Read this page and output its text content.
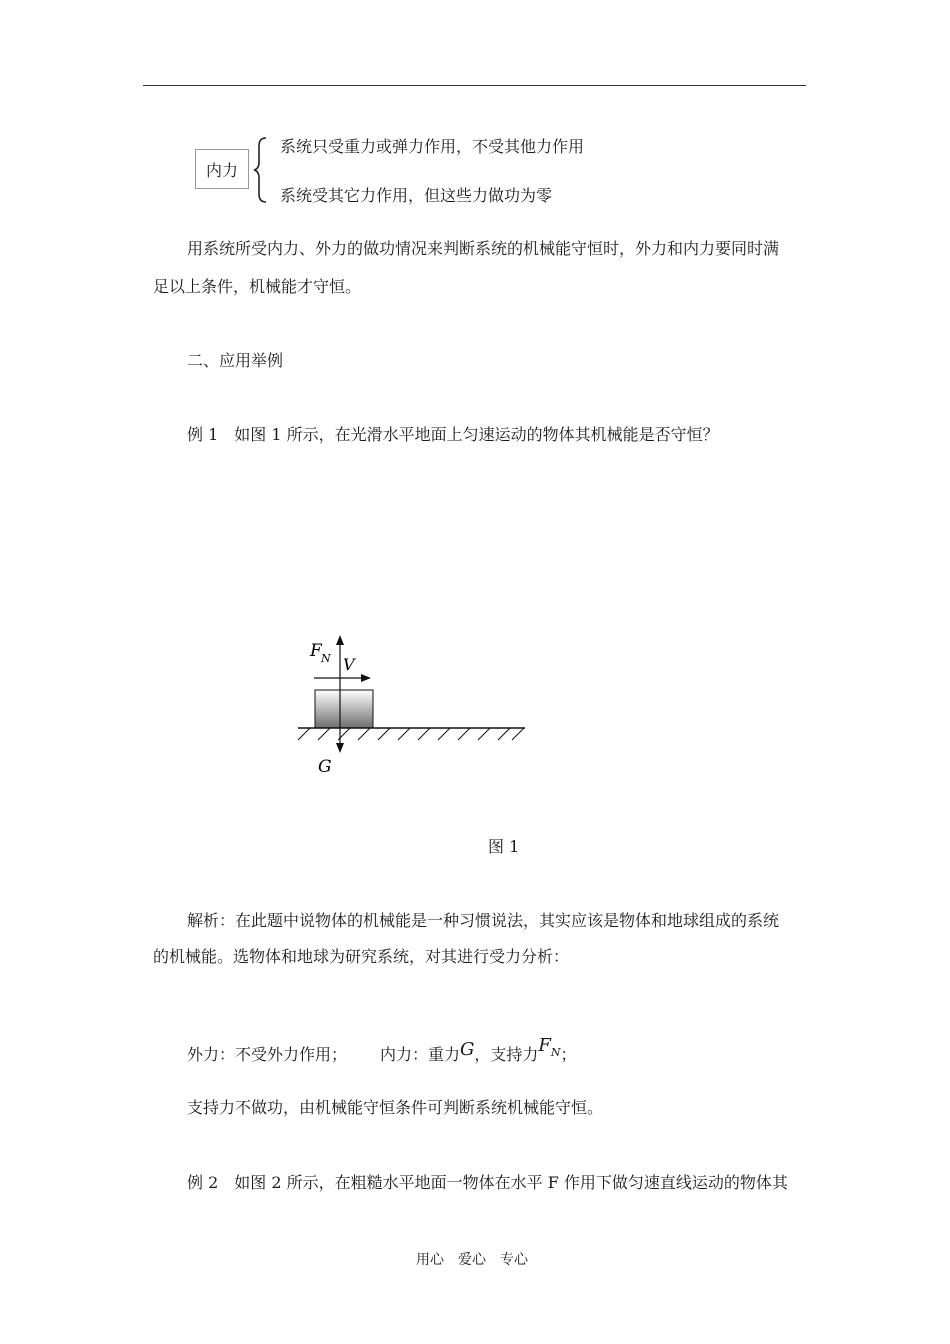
内力
系统只受重力或弹力作用，不受其他力作用
系统受其它力作用，但这些力做功为零
用系统所受内力、外力的做功情况来判断系统的机械能守恒时，外力和内力要同时满
足以上条件，机械能才守恒。
二、应用举例
例 1　如图 1 所示，在光滑水平地面上匀速运动的物体其机械能是否守恒？
F N V
G
图 1
解析：在此题中说物体的机械能是一种习惯说法，其实应该是物体和地球组成的系统
的机械能。选物体和地球为研究系统，对其进行受力分析：
外力：不受外力作用； 内力：重力G，支持力$F^N$；
支持力不做功，由机械能守恒条件可判断系统机械能守恒。
例 2　如图 2 所示，在粗糙水平地面一物体在水平 F 作用下做匀速直线运动的物体其
用心　爱心　专心
